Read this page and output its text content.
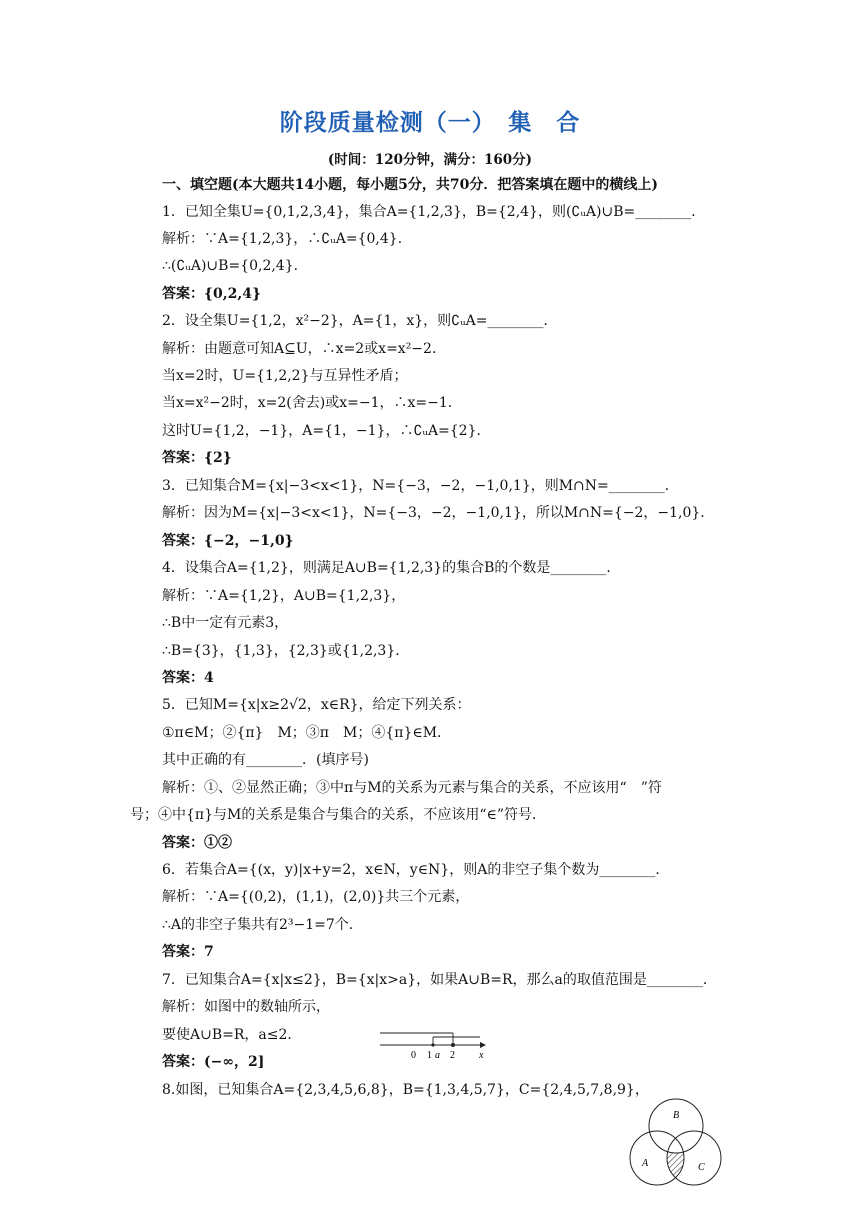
阶段质量检测（一）　集　合
(时间：120分钟，满分：160分)
一、填空题(本大题共14小题，每小题5分，共70分．把答案填在题中的横线上)
1．已知全集U={0,1,2,3,4}，集合A={1,2,3}，B={2,4}，则(∁ᵤA)∪B=________．
解析：∵A={1,2,3}，∴∁ᵤA={0,4}．
∴(∁ᵤA)∪B={0,2,4}．
答案：{0,2,4}
2．设全集U={1,2，x²−2}，A={1，x}，则∁ᵤA=________．
解析：由题意可知A⊆U，∴x=2或x=x²−2．
当x=2时，U={1,2,2}与互异性矛盾；
当x=x²−2时，x=2(舍去)或x=−1，∴x=−1．
这时U={1,2，−1}，A={1，−1}，∴∁ᵤA={2}．
答案：{2}
3．已知集合M={x|−3<x<1}，N={−3，−2，−1,0,1}，则M∩N=________．
解析：因为M={x|−3<x<1}，N={−3，−2，−1,0,1}，所以M∩N={−2，−1,0}．
答案：{−2，−1,0}
4．设集合A={1,2}，则满足A∪B={1,2,3}的集合B的个数是________．
解析：∵A={1,2}，A∪B={1,2,3}，
∴B中一定有元素3，
∴B={3}，{1,3}，{2,3}或{1,2,3}．
答案：4
5．已知M={x|x≥2√2，x∈R}，给定下列关系：
①π∈M；②{π}　M；③π　M；④{π}∈M．
其中正确的有________．(填序号)
解析：①、②显然正确；③中π与M的关系为元素与集合的关系，不应该用“　”符
号；④中{π}与M的关系是集合与集合的关系，不应该用“∈”符号．
答案：①②
6．若集合A={(x，y)|x+y=2，x∈N，y∈N}，则A的非空子集个数为________．
解析：∵A={(0,2)，(1,1)，(2,0)}共三个元素，
∴A的非空子集共有2³−1=7个．
答案：7
7．已知集合A={x|x≤2}，B={x|x>a}，如果A∪B=R，那么a的取值范围是________．
解析：如图中的数轴所示，
要使A∪B=R，a≤2．
答案：(−∞，2]
8.如图，已知集合A={2,3,4,5,6,8}，B={1,3,4,5,7}，C={2,4,5,7,8,9}，
0 1 a 2 x
B
A	C
